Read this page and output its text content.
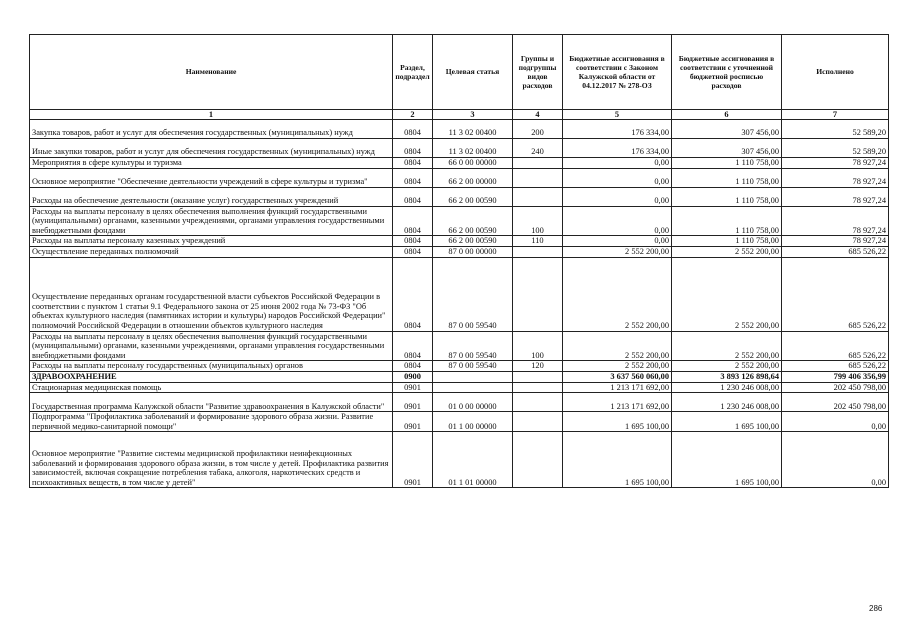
Наименование	Раздел, подраздел	Целевая статья	Группы и подгруппы видов расходов	Бюджетные ассигнования в соответствии с Законом Калужской области от 04.12.2017 № 278-ОЗ	Бюджетные ассигнования в соответствии с уточненной бюджетной росписью расходов	Исполнено
1	2	3	4	5	6	7
Закупка товаров, работ и услуг для обеспечения государственных (муниципальных) нужд	0804	11 3 02 00400	200	176 334,00	307 456,00	52 589,20
Иные закупки товаров, работ и услуг для обеспечения государственных (муниципальных) нужд	0804	11 3 02 00400	240	176 334,00	307 456,00	52 589,20
Мероприятия в сфере культуры и туризма	0804	66 0 00 00000		0,00	1 110 758,00	78 927,24
Основное мероприятие "Обеспечение деятельности учреждений в сфере культуры и туризма"	0804	66 2 00 00000		0,00	1 110 758,00	78 927,24
Расходы на обеспечение деятельности (оказание услуг) государственных учреждений	0804	66 2 00 00590		0,00	1 110 758,00	78 927,24
Расходы на выплаты персоналу в целях обеспечения выполнения функций государственными (муниципальными) органами, казенными учреждениями, органами управления государственными внебюджетными фондами	0804	66 2 00 00590	100	0,00	1 110 758,00	78 927,24
Расходы на выплаты персоналу казенных учреждений	0804	66 2 00 00590	110	0,00	1 110 758,00	78 927,24
Осуществление переданных полномочий	0804	87 0 00 00000		2 552 200,00	2 552 200,00	685 526,22
Осуществление переданных органам государственной власти субъектов Российской Федерации в соответствии с пунктом 1 статьи 9.1 Федерального закона от 25 июня 2002 года № 73-ФЗ "Об объектах культурного наследия (памятниках истории и культуры) народов Российской Федерации" полномочий Российской Федерации в отношении объектов культурного наследия	0804	87 0 00 59540		2 552 200,00	2 552 200,00	685 526,22
Расходы на выплаты персоналу в целях обеспечения выполнения функций государственными (муниципальными) органами, казенными учреждениями, органами управления государственными внебюджетными фондами	0804	87 0 00 59540	100	2 552 200,00	2 552 200,00	685 526,22
Расходы на выплаты персоналу государственных (муниципальных) органов	0804	87 0 00 59540	120	2 552 200,00	2 552 200,00	685 526,22
ЗДРАВООХРАНЕНИЕ	0900			3 637 560 060,00	3 893 126 898,64	799 406 356,99
Стационарная медицинская помощь	0901			1 213 171 692,00	1 230 246 008,00	202 450 798,00
Государственная программа Калужской области "Развитие здравоохранения в Калужской области"	0901	01 0 00 00000		1 213 171 692,00	1 230 246 008,00	202 450 798,00
Подпрограмма "Профилактика заболеваний и формирование здорового образа жизни. Развитие первичной медико-санитарной помощи"	0901	01 1 00 00000		1 695 100,00	1 695 100,00	0,00
Основное мероприятие "Развитие системы медицинской профилактики неинфекционных заболеваний и формирования здорового образа жизни, в том числе у детей. Профилактика развития зависимостей, включая сокращение потребления табака, алкоголя, наркотических средств и психоактивных веществ, в том числе у детей"	0901	01 1 01 00000		1 695 100,00	1 695 100,00	0,00
286
